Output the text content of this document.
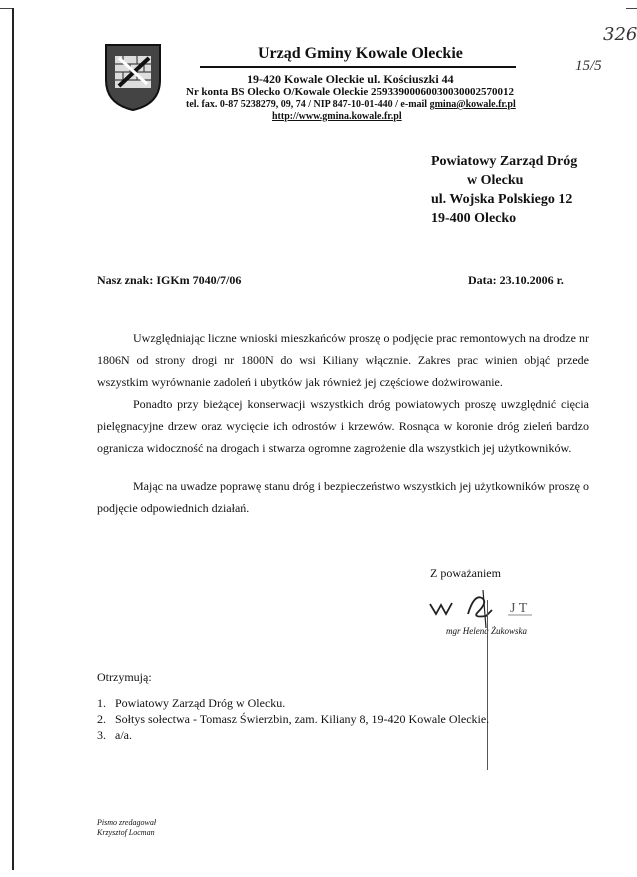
326
15/5
Urząd Gminy Kowale Oleckie
19-420 Kowale Oleckie ul. Kościuszki 44
Nr konta BS Olecko O/Kowale Oleckie 25933900060030030002570012
tel. fax. 0-87 5238279, 09, 74 / NIP 847-10-01-440 / e-mail gmina@kowale.fr.pl
http://www.gmina.kowale.fr.pl
Powiatowy Zarząd Dróg
w Olecku
ul. Wojska Polskiego 12
19-400 Olecko
Nasz znak: IGKm 7040/7/06	Data: 23.10.2006 r.

Uwzględniając liczne wnioski mieszkańców proszę o podjęcie prac remontowych na drodze nr 1806N od strony drogi nr 1800N do wsi Kiliany włącznie. Zakres prac winien objąć przede wszystkim wyrównanie zadoleń i ubytków jak również jej częściowe dożwirowanie.

Ponadto przy bieżącej konserwacji wszystkich dróg powiatowych proszę uwzględnić cięcia pielęgnacyjne drzew oraz wycięcie ich odrostów i krzewów. Rosnąca w koronie dróg zieleń bardzo ogranicza widoczność na drogach i stwarza ogromne zagrożenie dla wszystkich jej użytkowników.

Mając na uwadze poprawę stanu dróg i bezpieczeństwo wszystkich jej użytkowników proszę o podjęcie odpowiednich działań.

Z poważaniem
J T
mgr Helena Żukowska
Otrzymują:
1. Powiatowy Zarząd Dróg w Olecku.
2. Sołtys sołectwa - Tomasz Świerzbin, zam. Kiliany 8, 19-420 Kowale Oleckie.
3. a/a.
Pismo zredagował
Krzysztof Locman
